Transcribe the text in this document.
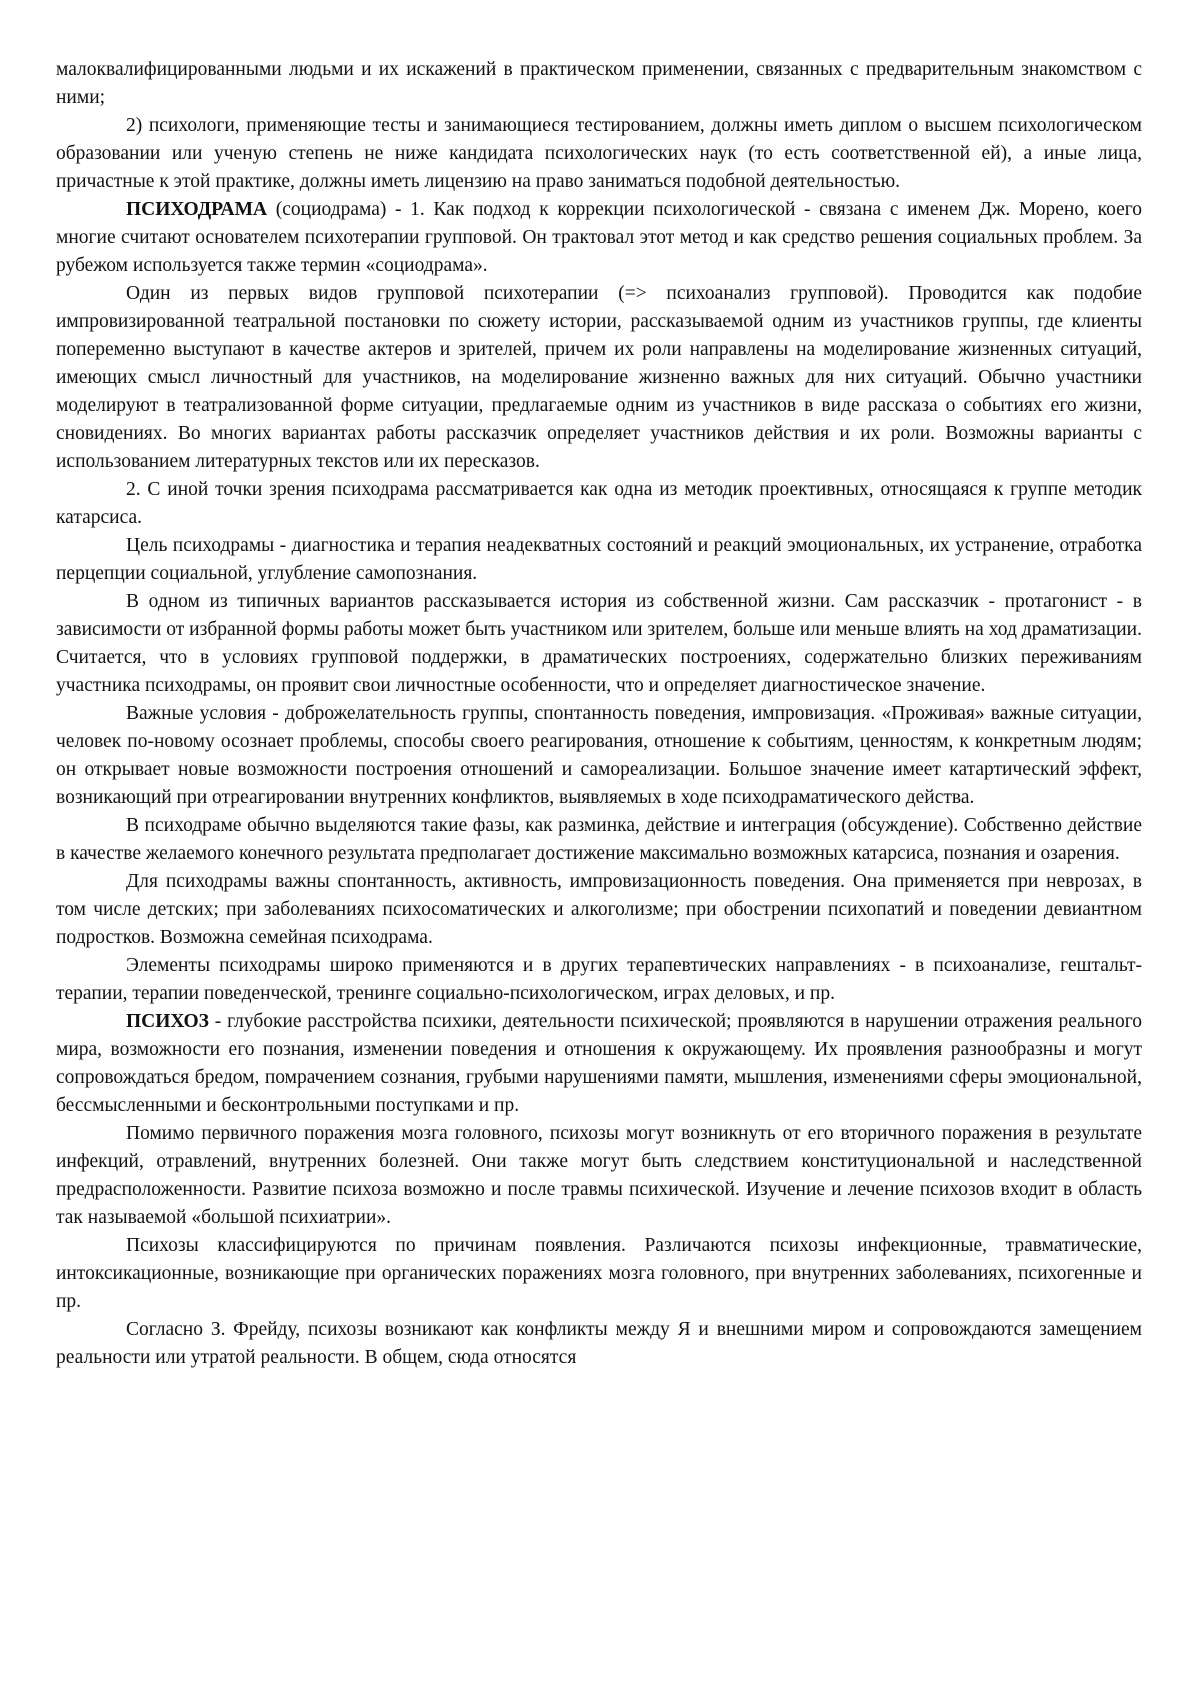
малоквалифицированными людьми и их искажений в практическом применении, связанных с предварительным знакомством с ними;

2) психологи, применяющие тесты и занимающиеся тестированием, должны иметь диплом о высшем психологическом образовании или ученую степень не ниже кандидата психологических наук (то есть соответственной ей), а иные лица, причастные к этой практике, должны иметь лицензию на право заниматься подобной деятельностью.

ПСИХОДРАМА (социодрама) - 1. Как подход к коррекции психологической - связана с именем Дж. Морено, коего многие считают основателем психотерапии групповой. Он трактовал этот метод и как средство решения социальных проблем. За рубежом используется также термин «социодрама».

Один из первых видов групповой психотерапии (=> психоанализ групповой). Проводится как подобие импровизированной театральной постановки по сюжету истории, рассказываемой одним из участников группы, где клиенты попеременно выступают в качестве актеров и зрителей, причем их роли направлены на моделирование жизненных ситуаций, имеющих смысл личностный для участников, на моделирование жизненно важных для них ситуаций. Обычно участники моделируют в театрализованной форме ситуации, предлагаемые одним из участников в виде рассказа о событиях его жизни, сновидениях. Во многих вариантах работы рассказчик определяет участников действия и их роли. Возможны варианты с использованием литературных текстов или их пересказов.

2. С иной точки зрения психодрама рассматривается как одна из методик проективных, относящаяся к группе методик катарсиса.

Цель психодрамы - диагностика и терапия неадекватных состояний и реакций эмоциональных, их устранение, отработка перцепции социальной, углубление самопознания.

В одном из типичных вариантов рассказывается история из собственной жизни. Сам рассказчик - протагонист - в зависимости от избранной формы работы может быть участником или зрителем, больше или меньше влиять на ход драматизации. Считается, что в условиях групповой поддержки, в драматических построениях, содержательно близких переживаниям участника психодрамы, он проявит свои личностные особенности, что и определяет диагностическое значение.

Важные условия - доброжелательность группы, спонтанность поведения, импровизация. «Проживая» важные ситуации, человек по-новому осознает проблемы, способы своего реагирования, отношение к событиям, ценностям, к конкретным людям; он открывает новые возможности построения отношений и самореализации. Большое значение имеет катартический эффект, возникающий при отреагировании внутренних конфликтов, выявляемых в ходе психодраматического действа.

В психодраме обычно выделяются такие фазы, как разминка, действие и интеграция (обсуждение). Собственно действие в качестве желаемого конечного результата предполагает достижение максимально возможных катарсиса, познания и озарения.

Для психодрамы важны спонтанность, активность, импровизационность поведения. Она применяется при неврозах, в том числе детских; при заболеваниях психосоматических и алкоголизме; при обострении психопатий и поведении девиантном подростков. Возможна семейная психодрама.

Элементы психодрамы широко применяются и в других терапевтических направлениях - в психоанализе, гештальт-терапии, терапии поведенческой, тренинге социально-психологическом, играх деловых, и пр.

ПСИХОЗ - глубокие расстройства психики, деятельности психической; проявляются в нарушении отражения реального мира, возможности его познания, изменении поведения и отношения к окружающему. Их проявления разнообразны и могут сопровождаться бредом, помрачением сознания, грубыми нарушениями памяти, мышления, изменениями сферы эмоциональной, бессмысленными и бесконтрольными поступками и пр.

Помимо первичного поражения мозга головного, психозы могут возникнуть от его вторичного поражения в результате инфекций, отравлений, внутренних болезней. Они также могут быть следствием конституциональной и наследственной предрасположенности. Развитие психоза возможно и после травмы психической. Изучение и лечение психозов входит в область так называемой «большой психиатрии».

Психозы классифицируются по причинам появления. Различаются психозы инфекционные, травматические, интоксикационные, возникающие при органических поражениях мозга головного, при внутренних заболеваниях, психогенные и пр.

Согласно З. Фрейду, психозы возникают как конфликты между Я и внешними миром и сопровождаются замещением реальности или утратой реальности. В общем, сюда относятся
